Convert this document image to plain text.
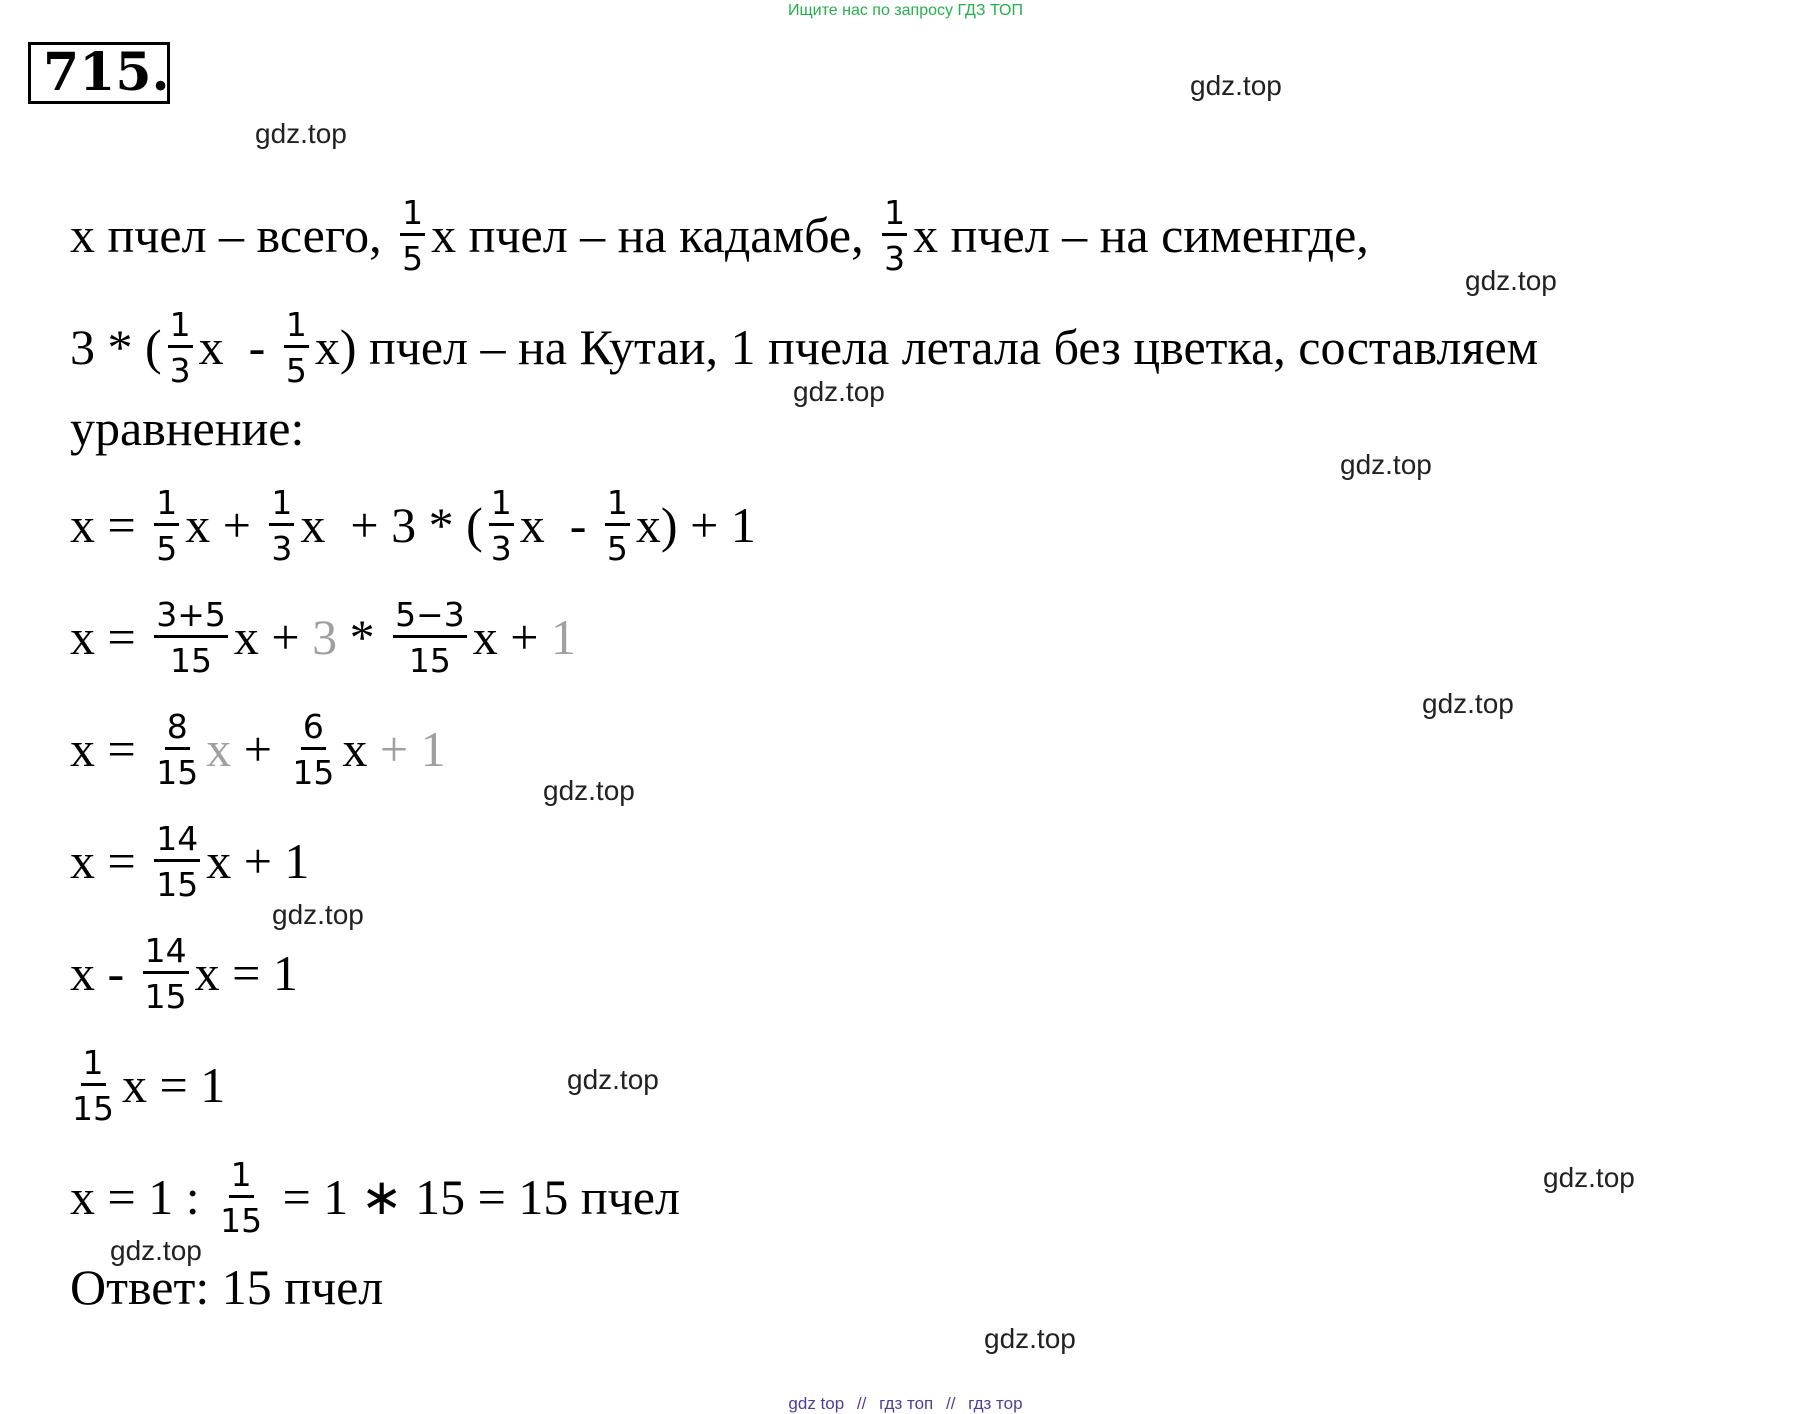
Ищите нас по запросу ГДЗ ТОП
715.	gdz.top
gdz.top
gdz.top
gdz.top
gdz.top
gdz.top
gdz.top
gdz.top
gdz.top
gdz.top
gdz.top
gdz.top
x пчел – всего, $\frac{1}{5}$ x пчел – на кадамбе, $\frac{1}{3}$ x пчел – на сименгде,
3 * ( $\frac{1}{3}$ x  - $\frac{1}{5} x$) пчел – на Кутаи, 1 пчела летала без цветка, составляем
уравнение:
$x = \frac{1}{5}$ $x + \frac{1}{3}$ x  + 3 * ( $\frac{1}{3}$ $x - \frac{1}{5} x) + 1$
$x = \frac{3+5}{15}$ $x + 3 * \frac{5-3}{15}$ x + 1
$x = \frac{8}{15}$ $x + \frac{6}{15}$ x + 1
$x = \frac{14}{15}$ x + 1
x - $\frac{14}{15}$ x = 1
$\frac{1}{15}$ x = 1
x = 1 : $\frac{1}{15} = 1$ ∗ 15 = 15 пчел
Ответ: 15 пчел
gdz top // гдз топ // гдз тор
